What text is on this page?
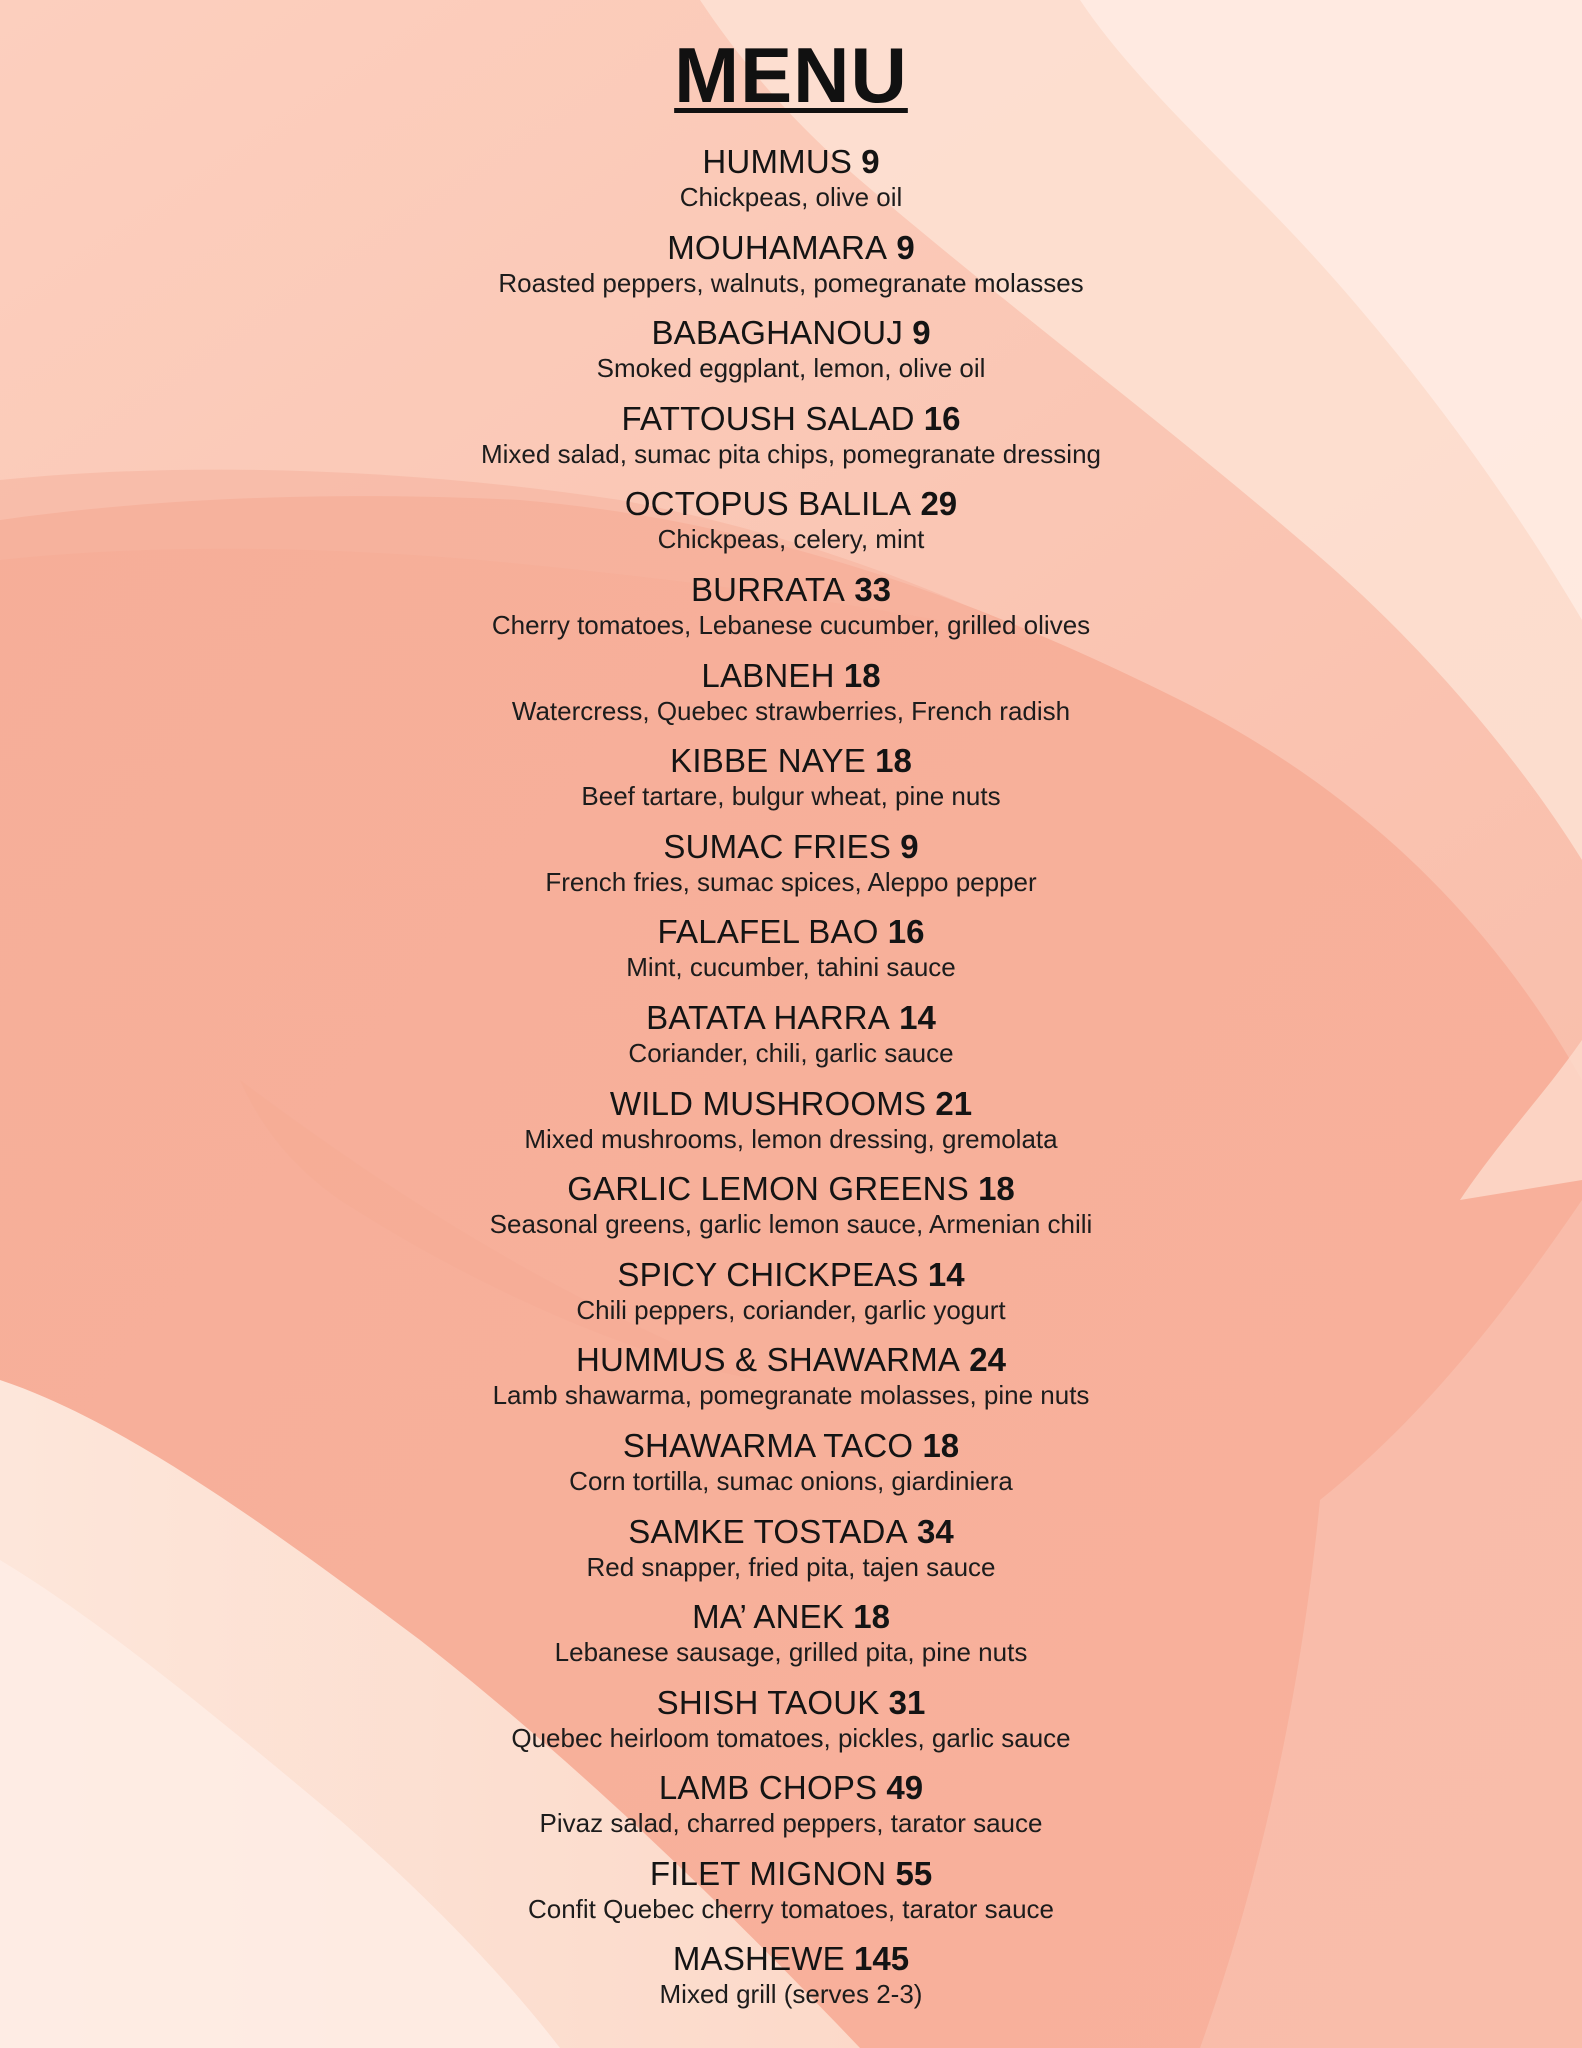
MENU
HUMMUS 9
Chickpeas, olive oil
MOUHAMARA 9
Roasted peppers, walnuts, pomegranate molasses
BABAGHANOUJ 9
Smoked eggplant, lemon, olive oil
FATTOUSH SALAD 16
Mixed salad, sumac pita chips, pomegranate dressing
OCTOPUS BALILA 29
Chickpeas, celery, mint
BURRATA 33
Cherry tomatoes, Lebanese cucumber, grilled olives
LABNEH 18
Watercress, Quebec strawberries, French radish
KIBBE NAYE 18
Beef tartare, bulgur wheat, pine nuts
SUMAC FRIES 9
French fries, sumac spices, Aleppo pepper
FALAFEL BAO 16
Mint, cucumber, tahini sauce
BATATA HARRA 14
Coriander, chili, garlic sauce
WILD MUSHROOMS 21
Mixed mushrooms, lemon dressing, gremolata
GARLIC LEMON GREENS 18
Seasonal greens, garlic lemon sauce, Armenian chili
SPICY CHICKPEAS 14
Chili peppers, coriander, garlic yogurt
HUMMUS & SHAWARMA 24
Lamb shawarma, pomegranate molasses, pine nuts
SHAWARMA TACO 18
Corn tortilla, sumac onions, giardiniera
SAMKE TOSTADA 34
Red snapper, fried pita, tajen sauce
MA’ ANEK 18
Lebanese sausage, grilled pita, pine nuts
SHISH TAOUK 31
Quebec heirloom tomatoes, pickles, garlic sauce
LAMB CHOPS 49
Pivaz salad, charred peppers, tarator sauce
FILET MIGNON 55
Confit Quebec cherry tomatoes, tarator sauce
MASHEWE 145
Mixed grill (serves 2-3)
